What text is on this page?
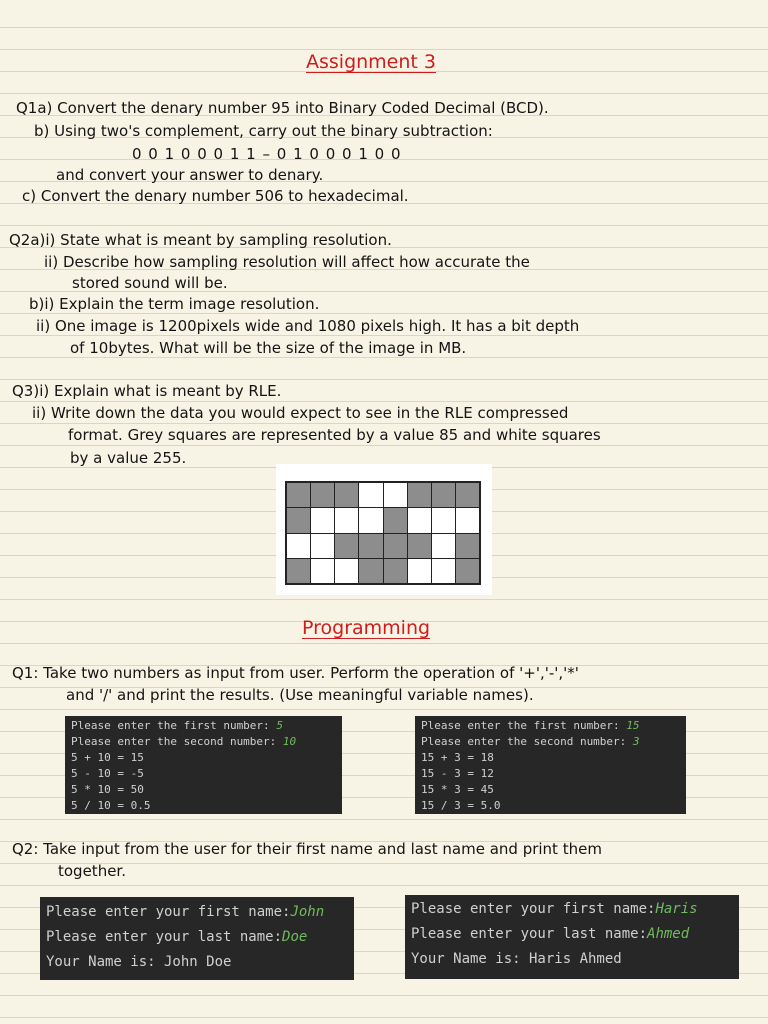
Assignment 3
Q1a) Convert the denary number 95 into Binary Coded Decimal (BCD).
b) Using two's complement, carry out the binary subtraction:
0 0 1 0 0 0 1 1 – 0 1 0 0 0 1 0 0
and convert your answer to denary.
c) Convert the denary number 506 to hexadecimal.
Q2a)i) State what is meant by sampling resolution.
ii) Describe how sampling resolution will affect how accurate the
stored sound will be.
b)i) Explain the term image resolution.
ii) One image is 1200pixels wide and 1080 pixels high. It has a bit depth
of 10bytes. What will be the size of the image in MB.
Q3)i) Explain what is meant by RLE.
ii) Write down the data you would expect to see in the RLE compressed
format. Grey squares are represented by a value 85 and white squares
by a value 255.
Programming
Q1: Take two numbers as input from user. Perform the operation of '+','-','*'
and '/' and print the results. (Use meaningful variable names).
Please enter the first number: 5
Please enter the second number: 10
5 + 10 = 15
5 - 10 = -5
5 * 10 = 50
5 / 10 = 0.5
Please enter the first number: 15
Please enter the second number: 3
15 + 3 = 18
15 - 3 = 12
15 * 3 = 45
15 / 3 = 5.0
Q2: Take input from the user for their first name and last name and print them
together.
Please enter your first name:John
Please enter your last name:Doe
Your Name is: John Doe
Please enter your first name:Haris
Please enter your last name:Ahmed
Your Name is: Haris Ahmed
